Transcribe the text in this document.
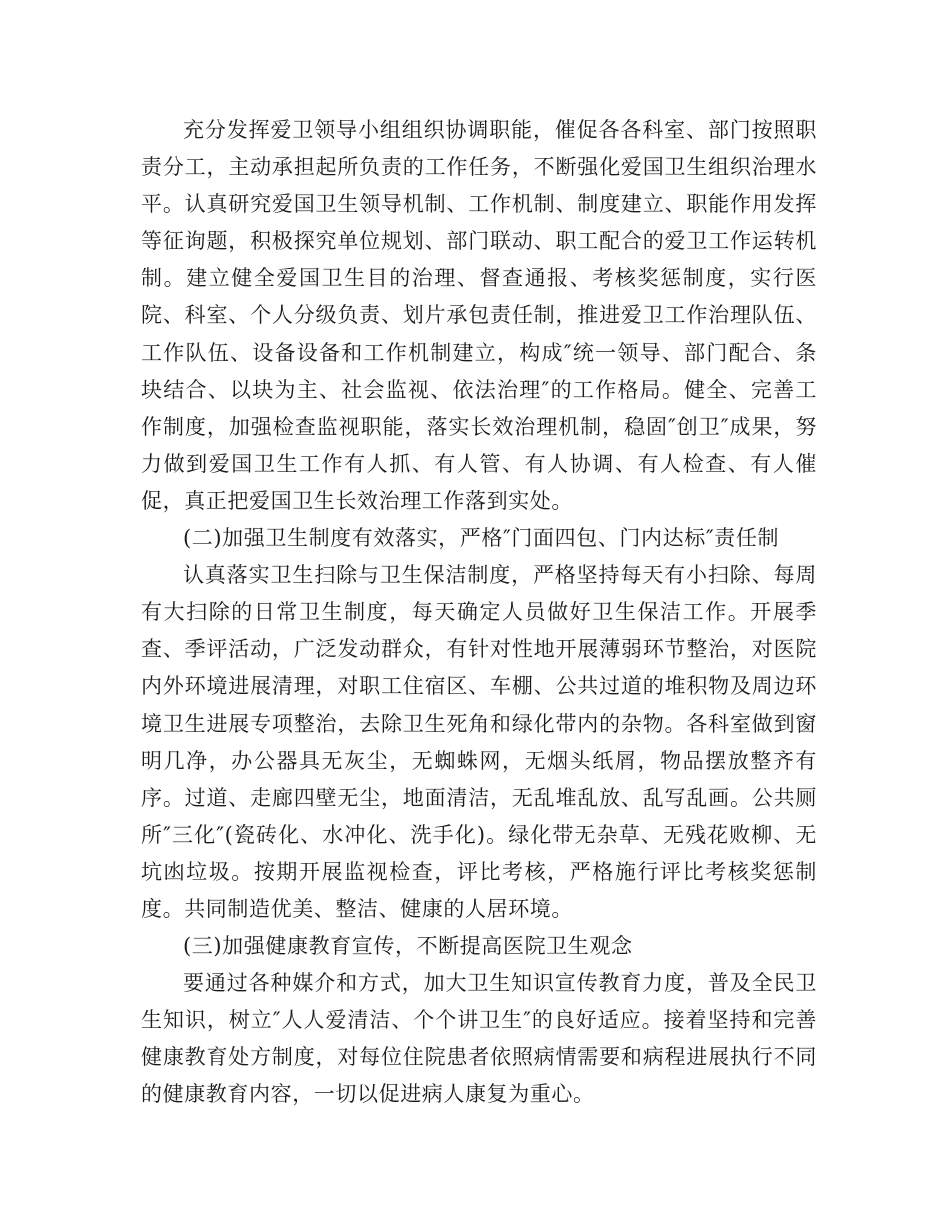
充分发挥爱卫领导小组组织协调职能，催促各各科室、部门按照职责分工，主动承担起所负责的工作任务，不断强化爱国卫生组织治理水平。认真研究爱国卫生领导机制、工作机制、制度建立、职能作用发挥等征询题，积极探究单位规划、部门联动、职工配合的爱卫工作运转机制。建立健全爱国卫生目的治理、督查通报、考核奖惩制度，实行医院、科室、个人分级负责、划片承包责任制，推进爱卫工作治理队伍、工作队伍、设备设备和工作机制建立，构成″统一领导、部门配合、条块结合、以块为主、社会监视、依法治理″的工作格局。健全、完善工作制度，加强检查监视职能，落实长效治理机制，稳固″创卫″成果，努力做到爱国卫生工作有人抓、有人管、有人协调、有人检查、有人催促，真正把爱国卫生长效治理工作落到实处。

(二)加强卫生制度有效落实，严格″门面四包、门内达标″责任制

认真落实卫生扫除与卫生保洁制度，严格坚持每天有小扫除、每周有大扫除的日常卫生制度，每天确定人员做好卫生保洁工作。开展季查、季评活动，广泛发动群众，有针对性地开展薄弱环节整治，对医院内外环境进展清理，对职工住宿区、车棚、公共过道的堆积物及周边环境卫生进展专项整治，去除卫生死角和绿化带内的杂物。各科室做到窗明几净，办公器具无灰尘，无蜘蛛网，无烟头纸屑，物品摆放整齐有序。过道、走廊四壁无尘，地面清洁，无乱堆乱放、乱写乱画。公共厕所″三化″(瓷砖化、水冲化、洗手化)。绿化带无杂草、无残花败柳、无坑凼垃圾。按期开展监视检查，评比考核，严格施行评比考核奖惩制度。共同制造优美、整洁、健康的人居环境。

(三)加强健康教育宣传，不断提高医院卫生观念

要通过各种媒介和方式，加大卫生知识宣传教育力度，普及全民卫生知识，树立″人人爱清洁、个个讲卫生″的良好适应。接着坚持和完善健康教育处方制度，对每位住院患者依照病情需要和病程进展执行不同的健康教育内容，一切以促进病人康复为重心。
